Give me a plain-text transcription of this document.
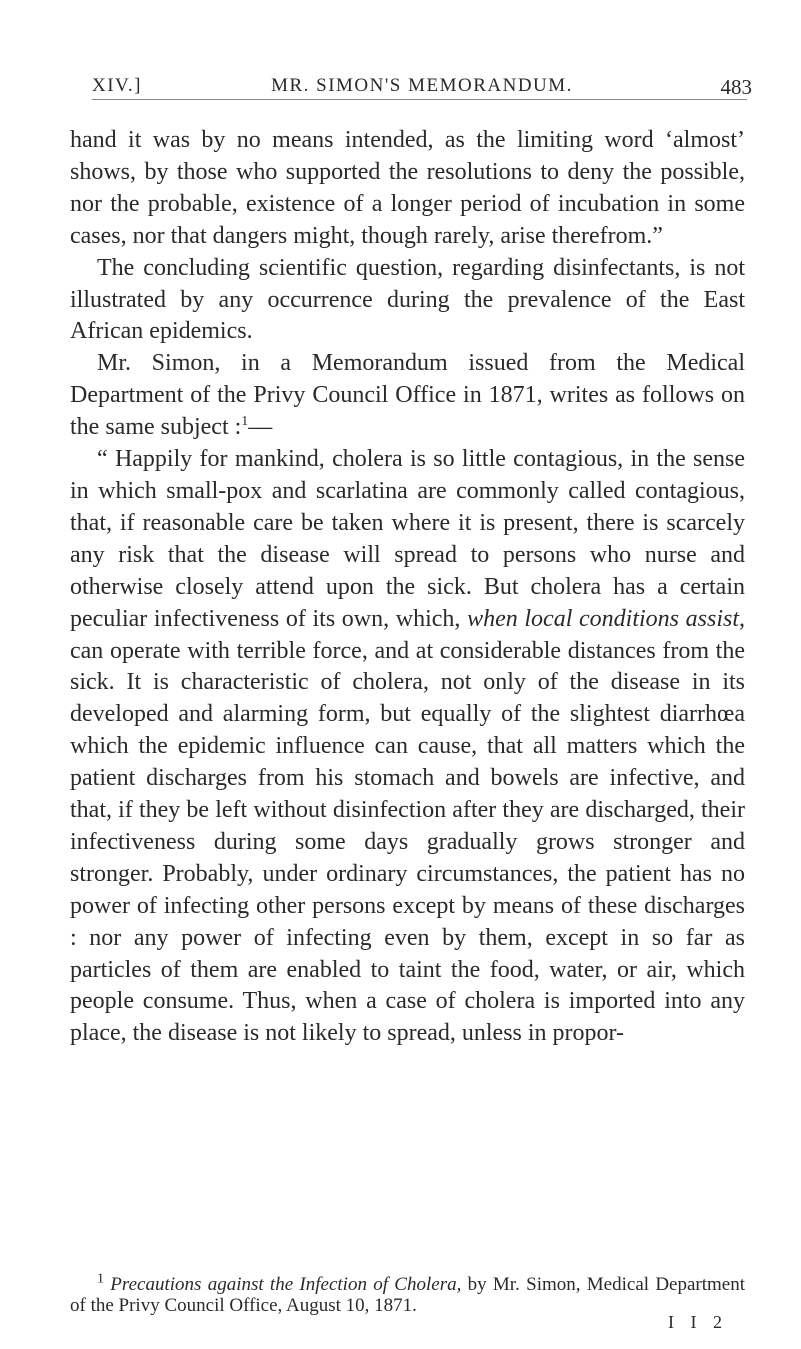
XIV.]	MR. SIMON'S MEMORANDUM.	483

hand it was by no means intended, as the limiting word ‘almost’ shows, by those who supported the resolutions to deny the possible, nor the probable, existence of a longer period of incubation in some cases, nor that dangers might, though rarely, arise therefrom.”

The concluding scientific question, regarding disinfectants, is not illustrated by any occurrence during the prevalence of the East African epidemics.

Mr. Simon, in a Memorandum issued from the Medical Department of the Privy Council Office in 1871, writes as follows on the same subject :$^1$—

“ Happily for mankind, cholera is so little contagious, in the sense in which small-pox and scarlatina are commonly called contagious, that, if reasonable care be taken where it is present, there is scarcely any risk that the disease will spread to persons who nurse and otherwise closely attend upon the sick. But cholera has a certain peculiar infectiveness of its own, which, when local conditions assist, can operate with terrible force, and at considerable distances from the sick. It is characteristic of cholera, not only of the disease in its developed and alarming form, but equally of the slightest diarrhœa which the epidemic influence can cause, that all matters which the patient discharges from his stomach and bowels are infective, and that, if they be left without disinfection after they are discharged, their infectiveness during some days gradually grows stronger and stronger. Probably, under ordinary circumstances, the patient has no power of infecting other persons except by means of these discharges : nor any power of infecting even by them, except in so far as particles of them are enabled to taint the food, water, or air, which people consume. Thus, when a case of cholera is imported into any place, the disease is not likely to spread, unless in propor-

$^1$ Precautions against the Infection of Cholera, by Mr. Simon, Medical Department of the Privy Council Office, August 10, 1871.
I I 2
